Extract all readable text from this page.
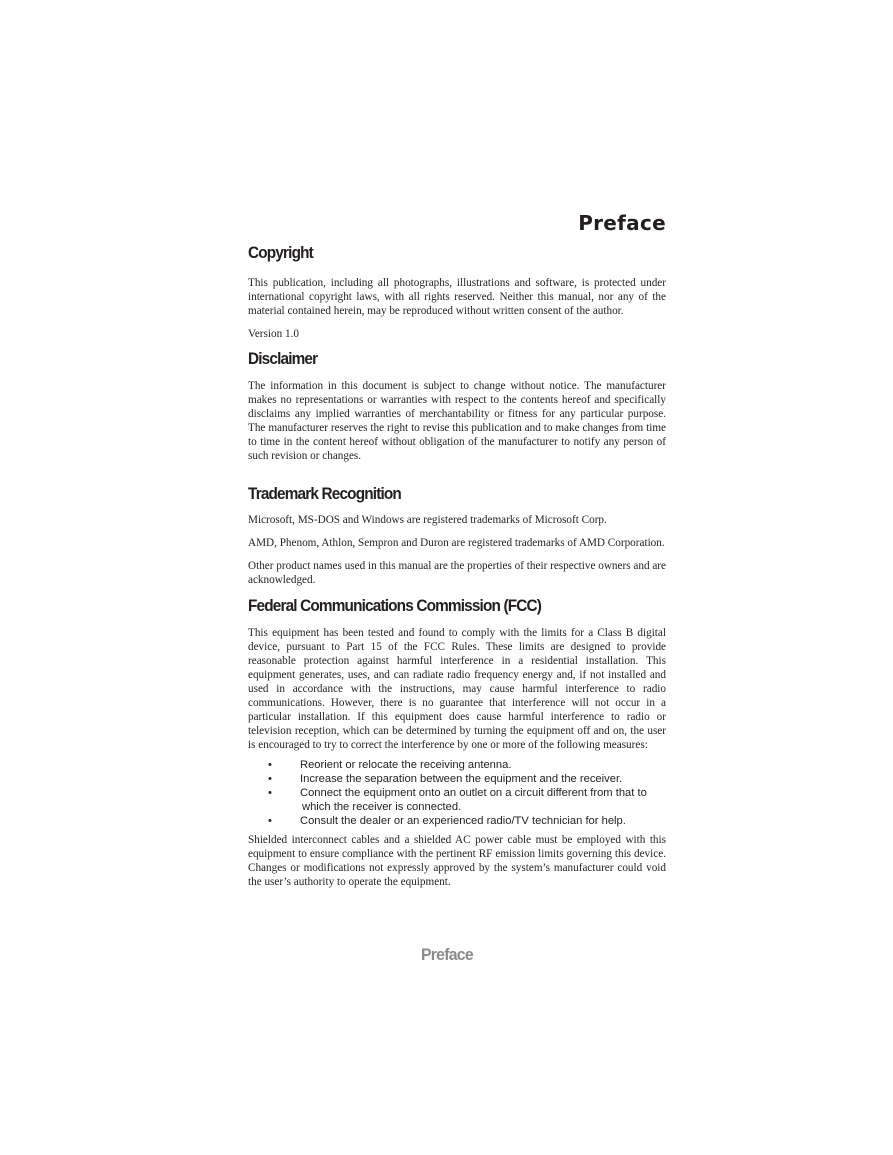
Preface
Copyright

This publication, including all photographs, illustrations and software, is protected under international copyright laws, with all rights reserved. Neither this manual, nor any of the material contained herein, may be reproduced without written consent of the author.

Version 1.0

Disclaimer

The information in this document is subject to change without notice. The manufacturer makes no representations or warranties with respect to the contents hereof and specifically disclaims any implied warranties of merchantability or fitness for any particular purpose. The manufacturer reserves the right to revise this publication and to make changes from time to time in the content hereof without obligation of the manufacturer to notify any person of such revision or changes.

Trademark Recognition

Microsoft, MS-DOS and Windows are registered trademarks of Microsoft Corp.

AMD, Phenom, Athlon, Sempron and Duron are registered trademarks of AMD Corporation.

Other product names used in this manual are the properties of their respective owners and are acknowledged.

Federal Communications Commission (FCC)

This equipment has been tested and found to comply with the limits for a Class B digital device, pursuant to Part 15 of the FCC Rules. These limits are designed to provide reasonable protection against harmful interference in a residential installation. This equipment generates, uses, and can radiate radio frequency energy and, if not installed and used in accordance with the instructions, may cause harmful interference to radio communications. However, there is no guarantee that interference will not occur in a particular installation. If this equipment does cause harmful interference to radio or television reception, which can be determined by turning the equipment off and on, the user is encouraged to try to correct the interference by one or more of the following measures:

•	Reorient or relocate the receiving antenna.
•	Increase the separation between the equipment and the receiver.
•	Connect the equipment onto an outlet on a circuit different from that to
which the receiver is connected.
•	Consult the dealer or an experienced radio/TV technician for help.

Shielded interconnect cables and a shielded AC power cable must be employed with this equipment to ensure compliance with the pertinent RF emission limits governing this device. Changes or modifications not expressly approved by the system’s manufacturer could void the user’s authority to operate the equipment.

Preface
